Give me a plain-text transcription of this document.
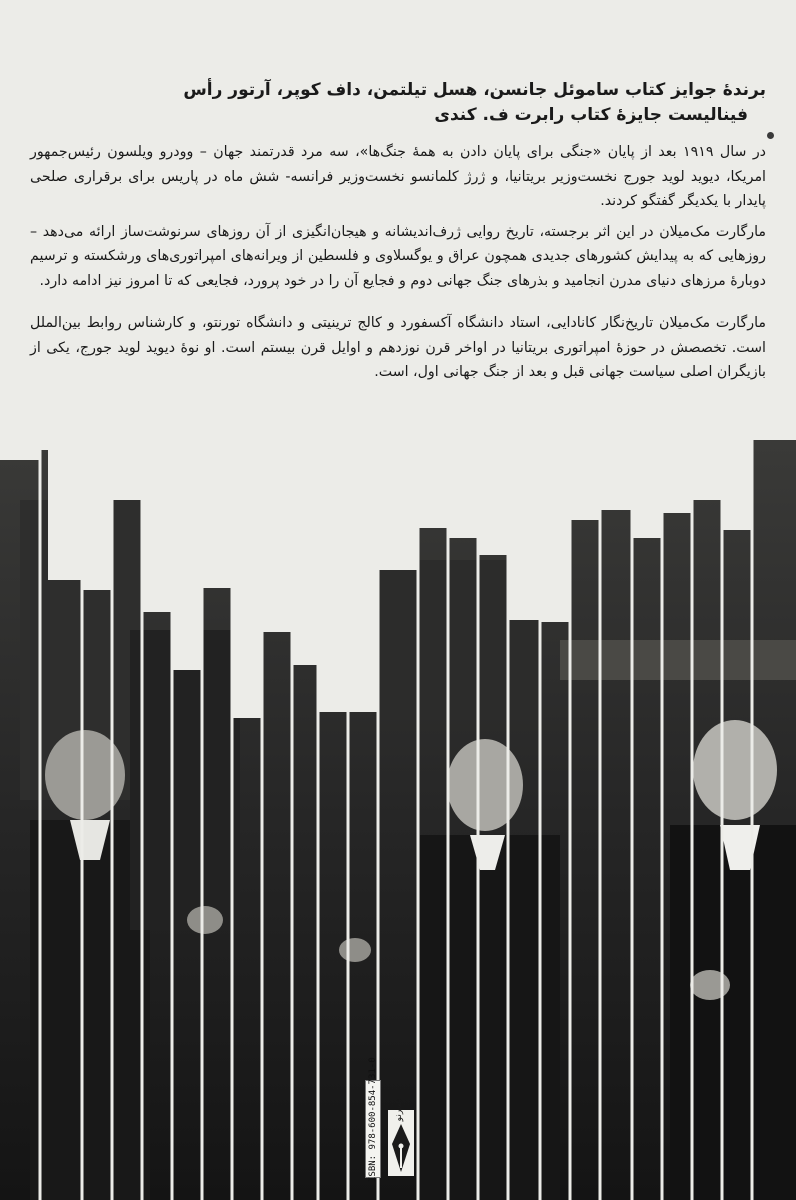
برندهٔ جوایز کتاب ساموئل جانسن، هسل تیلتمن، داف کوپر، آرتور رأس
فینالیست جایزهٔ کتاب رابرت ف. کندی

در سال ۱۹۱۹ بعد از پایان «جنگی برای پایان دادن به همهٔ جنگ‌ها»، سه مرد قدرتمند جهان – وودرو ویلسون رئیس‌جمهور امریکا، دیوید لوید جورج نخست‌وزیر بریتانیا، و ژرژ کلمانسو نخست‌وزیر فرانسه- شش ماه در پاریس برای برقراری صلحی پایدار با یکدیگر گفتگو کردند.

مارگارت مک‌میلان در این اثر برجسته، تاریخ روایی ژرف‌اندیشانه و هیجان‌انگیزی از آن روزهای سرنوشت‌ساز ارائه می‌دهد –روزهایی که به پیدایش کشورهای جدیدی همچون عراق و یوگسلاوی و فلسطین از ویرانه‌های امپراتوری‌های ورشکسته و ترسیم دوبارهٔ مرزهای دنیای مدرن انجامید و بذرهای جنگ جهانی دوم و فجایع آن را در خود پرورد، فجایعی که تا امروز نیز ادامه دارد.

مارگارت مک‌میلان تاریخ‌نگار کانادایی، استاد دانشگاه آکسفورد و کالج ترینیتی و دانشگاه تورنتو، و کارشناس روابط بین‌الملل است. تخصصش در حوزهٔ امپراتوری بریتانیا در اواخر قرن نوزدهم و اوایل قرن بیستم است. او نوهٔ دیوید لوید جورج، یکی از بازیگران اصلی سیاست جهانی قبل و بعد از جنگ جهانی اول، است.

ISBN: 978-600-854-731-0	نشرنو
